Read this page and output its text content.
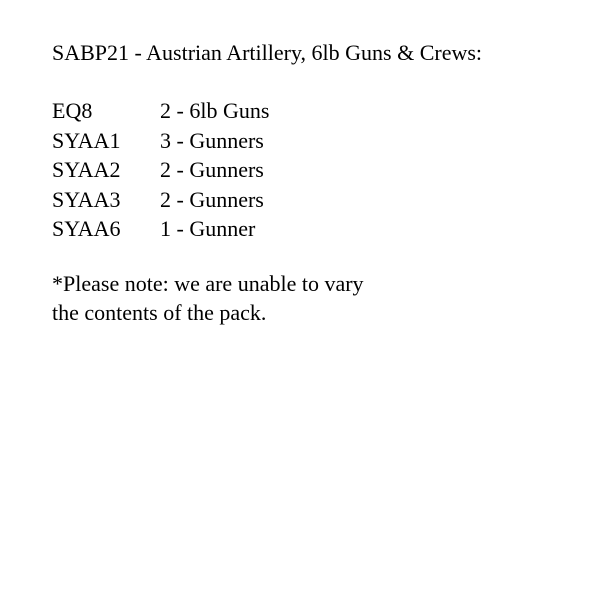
SABP21 - Austrian Artillery, 6lb Guns & Crews:
EQ8	2 - 6lb Guns
SYAA1 3 - Gunners
SYAA2 2 - Gunners
SYAA3 2 - Gunners
SYAA6 1 - Gunner

*Please note: we are unable to vary
the contents of the pack.
